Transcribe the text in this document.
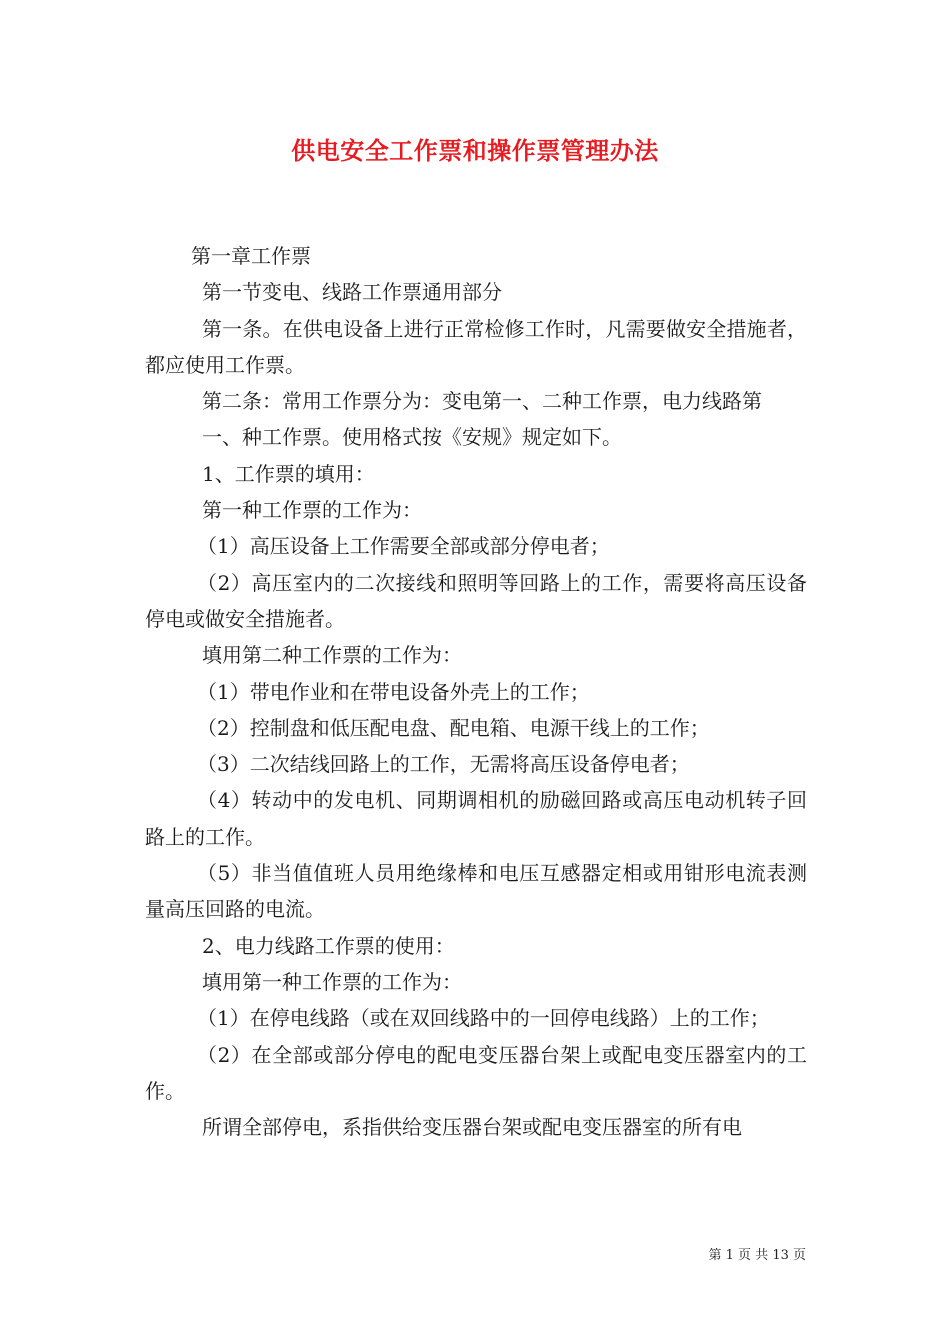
供电安全工作票和操作票管理办法

第一章工作票

第一节变电、线路工作票通用部分

第一条。在供电设备上进行正常检修工作时，凡需要做安全措施者，都应使用工作票。

第二条：常用工作票分为：变电第一、二种工作票，电力线路第

一、种工作票。使用格式按《安规》规定如下。

1、工作票的填用：

第一种工作票的工作为：

（1）高压设备上工作需要全部或部分停电者；

（2）高压室内的二次接线和照明等回路上的工作，需要将高压设备停电或做安全措施者。

填用第二种工作票的工作为：

（1）带电作业和在带电设备外壳上的工作；

（2）控制盘和低压配电盘、配电箱、电源干线上的工作；

（3）二次结线回路上的工作，无需将高压设备停电者；

（4）转动中的发电机、同期调相机的励磁回路或高压电动机转子回路上的工作。

（5）非当值值班人员用绝缘棒和电压互感器定相或用钳形电流表测量高压回路的电流。

2、电力线路工作票的使用：

填用第一种工作票的工作为：

（1）在停电线路（或在双回线路中的一回停电线路）上的工作；

（2）在全部或部分停电的配电变压器台架上或配电变压器室内的工作。

所谓全部停电，系指供给变压器台架或配电变压器室的所有电

第 1 页 共 13 页
